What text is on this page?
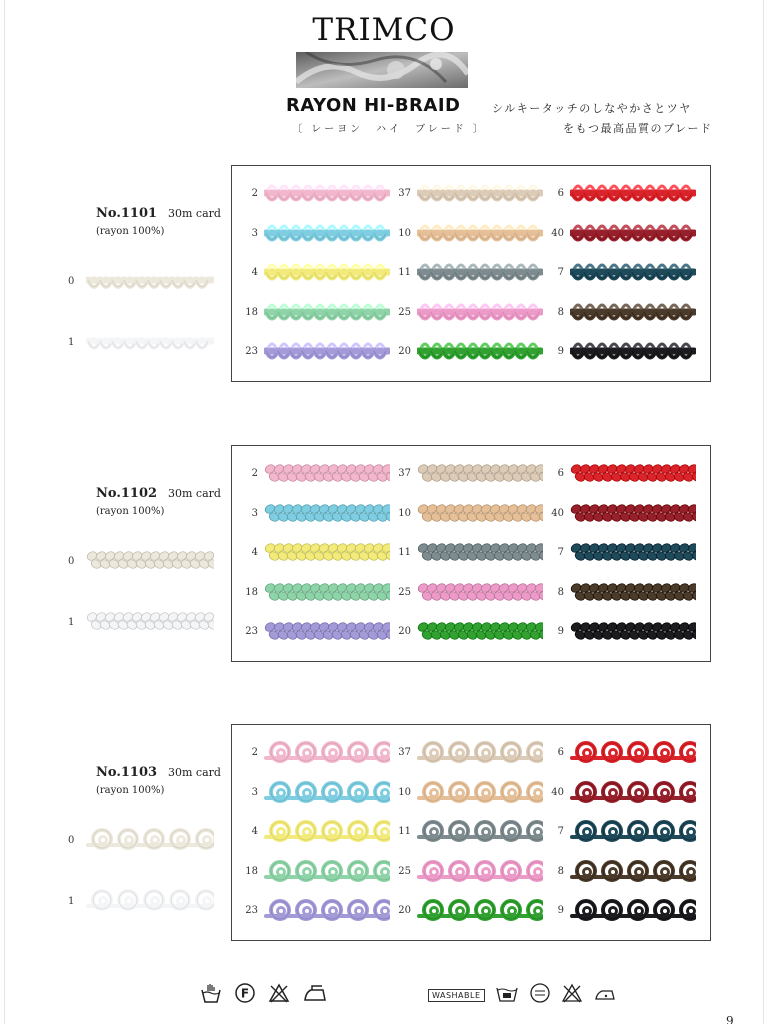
TRIMCO
RAYON HI-BRAID
〔 レーヨン　ハイ　ブレード 〕
シルキータッチのしなやかさとツヤ
をもつ最高品質のブレード
No.1101 30m card
(rayon 100%)
0
1
2
3
4
18
23
37
10
11
25
20
6
40
7
8
9
No.1102 30m card
(rayon 100%)
0
1
2
3
4
18
23
37
10
11
25
20
6
40
7
8
9
No.1103 30m card
(rayon 100%)
0
1
2
3
4
18
23
37
10
11
25
20
6
40
7
8
9
F	WASHABLE
9
